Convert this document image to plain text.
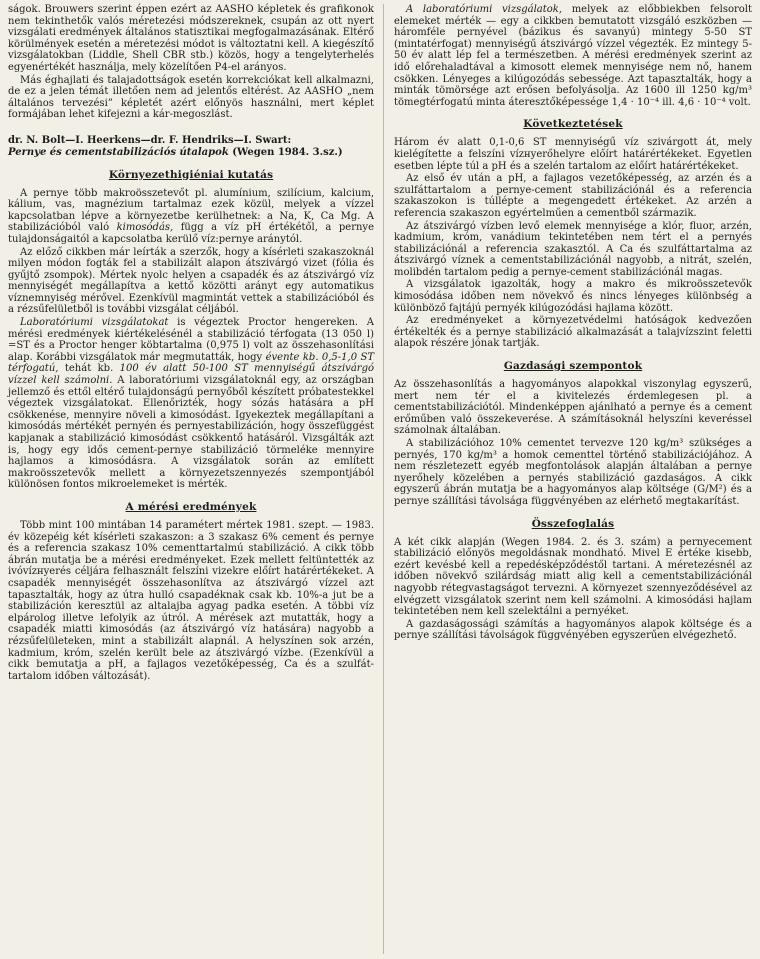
ságok. Brouwers szerint éppen ezért az AASHO képletek és grafikonok nem tekinthetők valós méretezési módszereknek, csupán az ott nyert vizsgálati eredmények általános statisztikai megfogalmazásának. Eltérő körülmények esetén a méretezési módot is változtatni kell. A kiegészítő vizsgálatokban (Liddle, Shell CBR stb.) közös, hogy a tengelyterhelés egyenértékét használja, mely közelítően P4-el arányos.

Más éghajlati és talajadottságok esetén korrekciókat kell alkalmazni, de ez a jelen témát illetően nem ad jelentős eltérést. Az AASHO „nem általános tervezési” képletét azért előnyös használni, mert képlet formájában lehet kifejezni a kár-megoszlást.

dr. N. Bolt—I. Heerkens—dr. F. Hendriks—I. Swart:
Pernye és cementstabilizációs útalapok (Wegen 1984. 3.sz.)
Környezethigiéniai kutatás

A pernye több makroösszetevőt pl. alumínium, szilícium, kalcium, kálium, vas, magnézium tartalmaz ezek közül, melyek a vízzel kapcsolatban lépve a környezetbe kerülhetnek: a Na, K, Ca Mg. A stabilizációból való kimosódás, függ a víz pH értékétől, a pernye tulajdonságaitól a kapcsolatba kerülő víz:pernye aránytól.

Az előző cikkben már leírták a szerzők, hogy a kísérleti szakaszoknál milyen módon fogták fel a stabilizált alapon átszivárgó vizet (fólia és gyűjtő zsompok). Mértek nyolc helyen a csapadék és az átszivárgó víz mennyiségét megállapítva a kettő közötti arányt egy automatikus víznemnyiség mérővel. Ezenkívül magmintát vettek a stabilizációból és a rézsűfelületből is további vizsgálat céljából.

Laboratóriumi vizsgálatokat is végeztek Proctor hengereken. A mérési eredmények kiértékelésénél a stabilizáció térfogata (13 050 l) =ST és a Proctor henger köbtartalma (0,975 l) volt az összehasonlítási alap. Korábbi vizsgálatok már megmutatták, hogy évente kb. 0,5-1,0 ST térfogatú, tehát kb. 100 év alatt 50-100 ST mennyiségű átszivárgó vízzel kell számolni. A laboratóriumi vizsgálatoknál egy, az országban jellemző és ettől eltérő tulajdonságú pernyőből készített próbatestekkel végeztek vizsgálatokat. Ellenőrizték, hogy sózás hatására a pH csökkenése, mennyire növeli a kimosódást. Igyekeztek megállapítani a kimosódás mértékét pernyén és pernyestabilizáción, hogy összefüggést kapjanak a stabilizáció kimosódást csökkentő hatásáról. Vizsgálták azt is, hogy egy idős cement-pernye stabilizáció törmeléke mennyire hajlamos a kimosódásra. A vizsgálatok során az említett makroösszetevők mellett a környezetszennyezés szempontjából különösen fontos mikroelemeket is mérték.

A mérési eredmények

Több mint 100 mintában 14 paramétert mértek 1981. szept. — 1983. év közepéig két kísérleti szakaszon: a 3 szakasz 6% cement és pernye és a referencia szakasz 10% cementtartalmú stabilizáció. A cikk több ábrán mutatja be a mérési eredményeket. Ezek mellett feltüntették az ivóvízнyerés céljára felhasznált felszíni vizekre előírt határértékeket. A csapadék mennyiségét összehasonlítva az átszivárgó vízzel azt tapasztalták, hogy az útra hulló csapadéknak csak kb. 10%-a jut be a stabilizáción keresztül az altalajba agyag padka esetén. A többi víz elpárolog illetve lefolyik az útról. A mérések azt mutatták, hogy a csapadék miatti kimosódás (az átszivárgó víz hatására) nagyobb a rézsűfelületeken, mint a stabilizált alapnál. A helyszínen sok arzén, kadmium, króm, szelén került bele az átszivárgó vízbe. (Ezenkívül a cikk bemutatja a pH, a fajlagos vezetőképesség, Ca és a szulfát-tartalom időben változását).

A laboratóriumi vizsgálatok, melyek az előbbiekben felsorolt elemeket mérték — egy a cikkben bemutatott vizsgáló eszközben — háromféle pernyével (bázikus és savanyú) mintegy 5-50 ST (mintatérfogat) mennyiségű átszivárgó vízzel végezték. Ez mintegy 5-50 év alatt lép fel a természetben. A mérési eredmények szerint az idő előrehaladtával a kimosott elemek mennyisége nem nő, hanem csökken. Lényeges a kilúgozódás sebessége. Azt tapasztalták, hogy a minták tömörsége azt erősen befolyásolja. Az 1600 ill 1250 kg/m³ tömegtérfogatú minta áteresztőképessége 1,4 · 10⁻⁴ ill. 4,6 · 10⁻⁴ volt.

Következtetések

Három év alatt 0,1-0,6 ST mennyiségű víz szivárgott át, mely kielégítette a felszíni vízнyerőhelyre előírt határértékeket. Egyetlen esetben lépte túl a pH és a szelén tartalom az előírt határértékeket.

Az első év után a pH, a fajlagos vezetőképesség, az arzén és a szulfáttartalom a pernye-cement stabilizációnál és a referencia szakaszokon is túllépte a megengedett értékeket. Az arzén a referencia szakaszon egyértelműen a cementből származik.

Az átszivárgó vízben levő elemek mennyisége a klór, fluor, arzén, kadmium, króm, vanádium tekintetében nem tért el a pernyés stabilizációnál a referencia szakasztól. A Ca és szulfáttartalma az átszivárgó víznek a cementstabilizációnál nagyobb, a nitrát, szelén, molibdén tartalom pedig a pernye-cement stabilizációnál magas.

A vizsgálatok igazolták, hogy a makro és mikroösszetevők kimosódása időben nem növekvő és nincs lényeges különbség a különböző fajtájú pernyék kilúgozódási hajlama között.

Az eredményeket a környezetvédelmi hatóságok kedvezően értékelték és a pernye stabilizáció alkalmazását a talajvízszint feletti alapok részére jónak tartják.

Gazdasági szempontok

Az összehasonlítás a hagyományos alapokkal viszonylag egyszerű, mert nem tér el a kivitelezés érdemlegesen pl. a cementstabilizációtól. Mindenképpen ajánlható a pernye és a cement erőműben való összekeverése. A számításoknál helyszíni keveréssel számolnak általában.

A stabilizációhoz 10% cementet tervezve 120 kg/m³ szükséges a pernyés, 170 kg/m³ a homok cementtel történő stabilizációjához. A nem részletezett egyéb megfontolások alapján általában a pernye nyerőhely közelében a pernyés stabilizáció gazdaságos. A cikk egyszerű ábrán mutatja be a hagyományos alap költsége (G/M²) és a pernye szállítási távolsága függvényében az elérhető megtakarítást.

Összefoglalás

A két cikk alapján (Wegen 1984. 2. és 3. szám) a pernyecement stabilizáció előnyös megoldásnak mondható. Mivel E értéke kisebb, ezért kevésbé kell a repedésképződéstől tartani. A méretezésnél az időben növekvő szilárdság miatt alig kell a cementstabilizációnál nagyobb rétegvastagságot tervezni. A környezet szennyeződésével az elvégzett vizsgálatok szerint nem kell számolni. A kimosódási hajlam tekintetében nem kell szelektálni a pernyéket.

A gazdaságossági számítás a hagyományos alapok költsége és a pernye szállítási távolságok függvényében egyszerűen elvégezhető.
